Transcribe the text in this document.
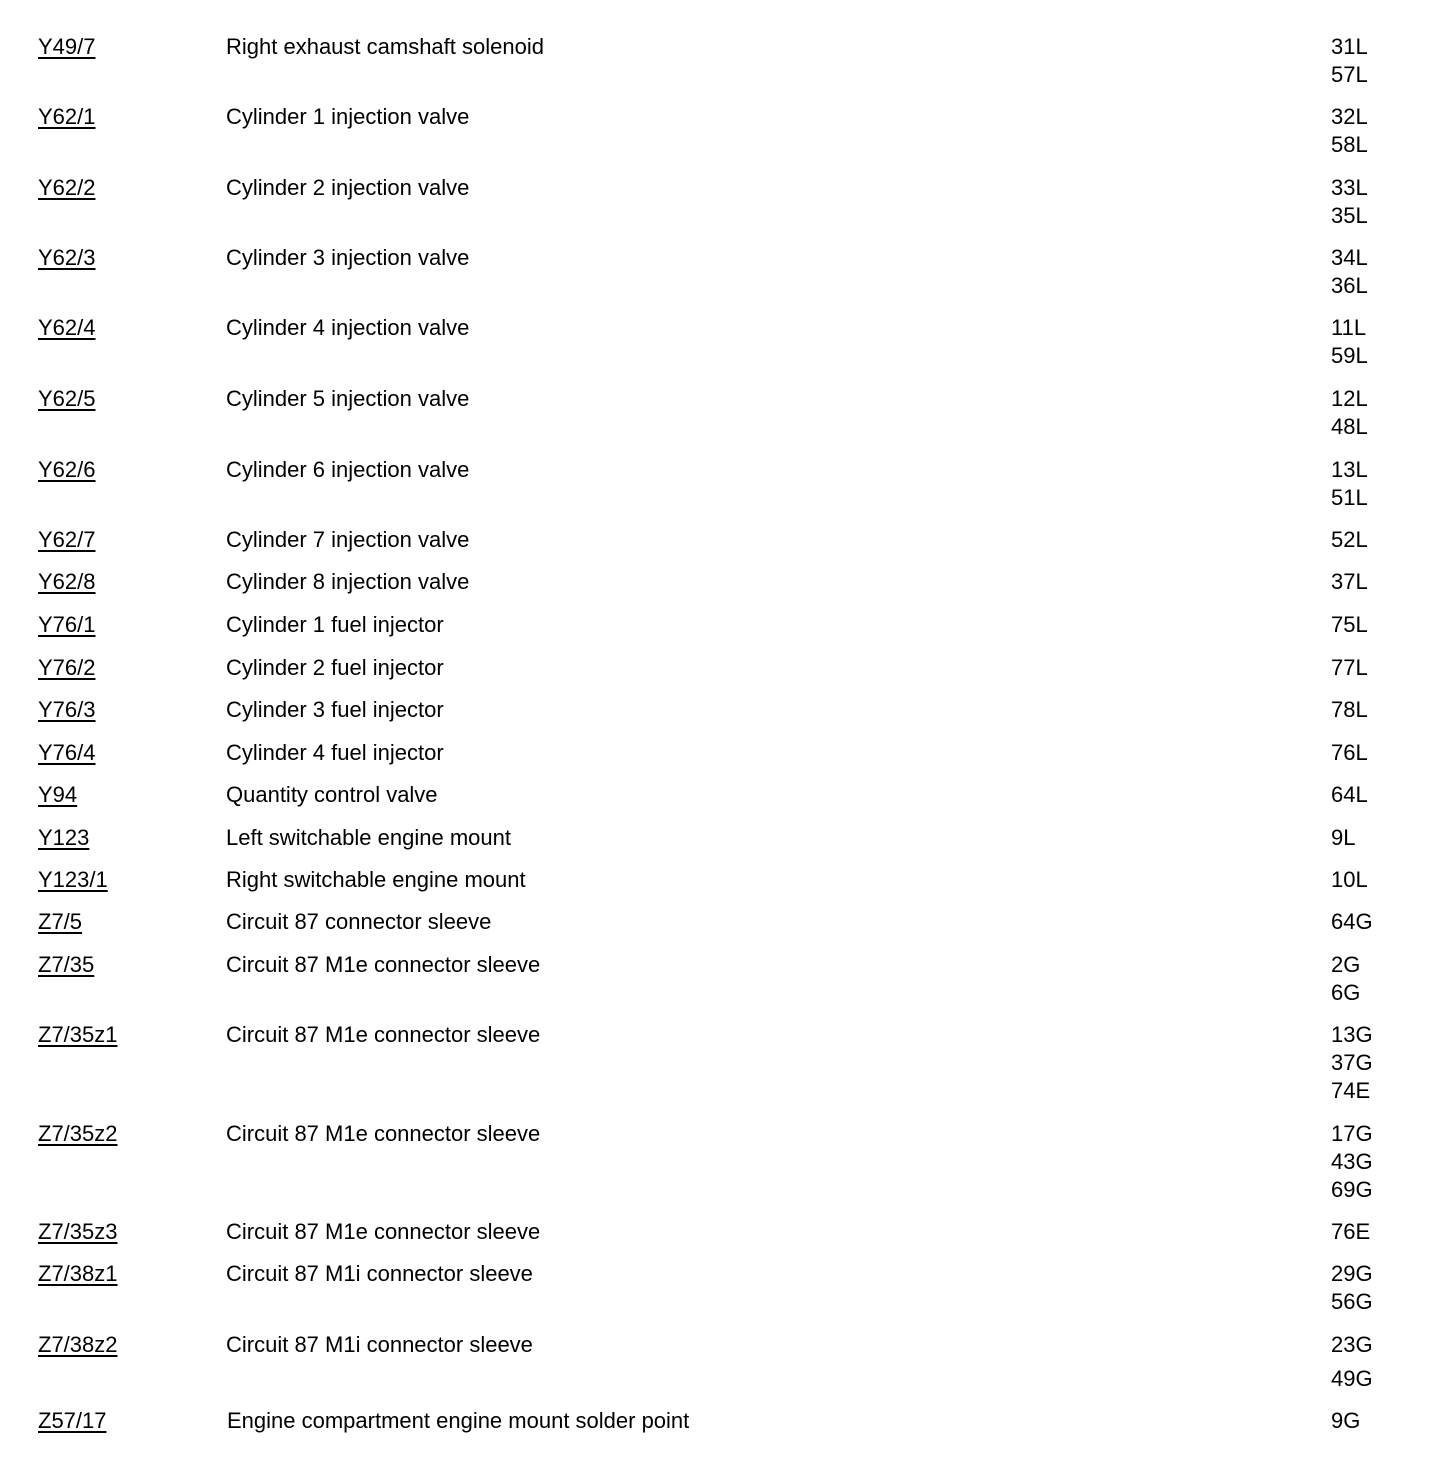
Y49/7	Right exhaust camshaft solenoid	31L
57L
Y62/1	Cylinder 1 injection valve	32L
58L
Y62/2	Cylinder 2 injection valve	33L
35L
Y62/3	Cylinder 3 injection valve	34L
36L
Y62/4	Cylinder 4 injection valve	11L
59L
Y62/5	Cylinder 5 injection valve	12L
48L
Y62/6	Cylinder 6 injection valve	13L
51L
Y62/7	Cylinder 7 injection valve	52L
Y62/8	Cylinder 8 injection valve	37L
Y76/1	Cylinder 1 fuel injector	75L
Y76/2	Cylinder 2 fuel injector	77L
Y76/3	Cylinder 3 fuel injector	78L
Y76/4	Cylinder 4 fuel injector	76L
Y94	Quantity control valve	64L
Y123	Left switchable engine mount	9L
Y123/1	Right switchable engine mount	10L
Z7/5	Circuit 87 connector sleeve	64G
Z7/35	Circuit 87 M1e connector sleeve	2G
6G
Z7/35z1	Circuit 87 M1e connector sleeve	13G
37G
74E
Z7/35z2	Circuit 87 M1e connector sleeve	17G
43G
69G
Z7/35z3	Circuit 87 M1e connector sleeve	76E
Z7/38z1	Circuit 87 M1i connector sleeve	29G
56G
Z7/38z2	Circuit 87 M1i connector sleeve	23G
49G
Z57/17	Engine compartment engine mount solder point	9G
